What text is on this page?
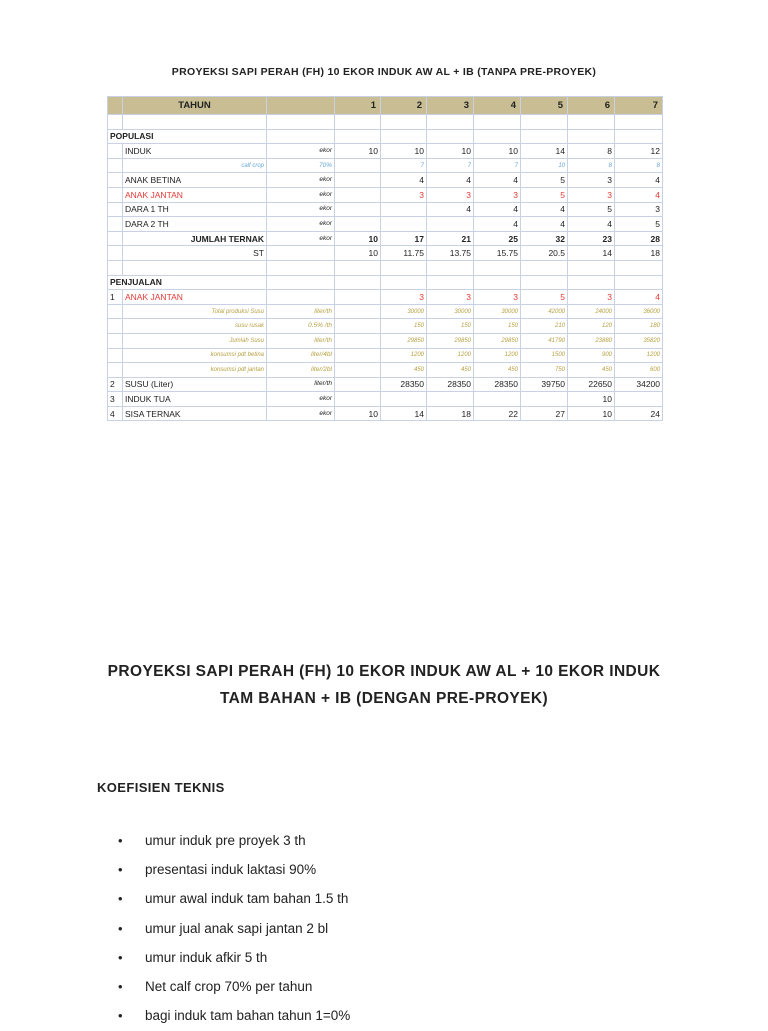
PROYEKSI SAPI PERAH (FH) 10 EKOR INDUK AW AL + IB (TANPA PRE-PROYEK)
	TAHUN		1	2	3	4	5	6	7

POPULASI									
	INDUK	ekor	10	10	10	10	14	8	12
	calf crop	70%		7	7	7	10	8	8
	ANAK BETINA	ekor		4	4	4	5	3	4
	ANAK JANTAN	ekor		3	3	3	5	3	4
	DARA 1 TH	ekor			4	4	4	5	3
	DARA 2 TH	ekor				4	4	4	5
	JUMLAH TERNAK	ekor	10	17	21	25	32	23	28
	ST		10	11.75	13.75	15.75	20.5	14	18

PENJUALAN									
1	ANAK JANTAN			3	3	3	5	3	4
	Total produksi Susu	liter/th		30000	30000	30000	42000	24000	36000
	susu rusak	0.5% /th		150	150	150	210	120	180
	Jumlah Susu	liter/th		29850	29850	29850	41790	23880	35820
	konsumsi pdt betina	liter/4bl		1200	1200	1200	1500	900	1200
	konsumsi pdt jantan	liter/2bl		450	450	450	750	450	600
2	SUSU (Liter)	liter/th		28350	28350	28350	39750	22650	34200
3	INDUK TUA	ekor						10	
4	SISA TERNAK	ekor	10	14	18	22	27	10	24
PROYEKSI SAPI PERAH (FH) 10 EKOR INDUK AW AL + 10 EKOR INDUK
TAM BAHAN + IB (DENGAN PRE-PROYEK)
KOEFISIEN TEKNIS
•	umur induk pre proyek 3 th
•	presentasi induk laktasi 90%
•	umur awal induk tam bahan 1.5 th
•	umur jual anak sapi jantan 2 bl
•	umur induk afkir 5 th
•	Net calf crop 70% per tahun
•	bagi induk tam bahan tahun 1=0%
